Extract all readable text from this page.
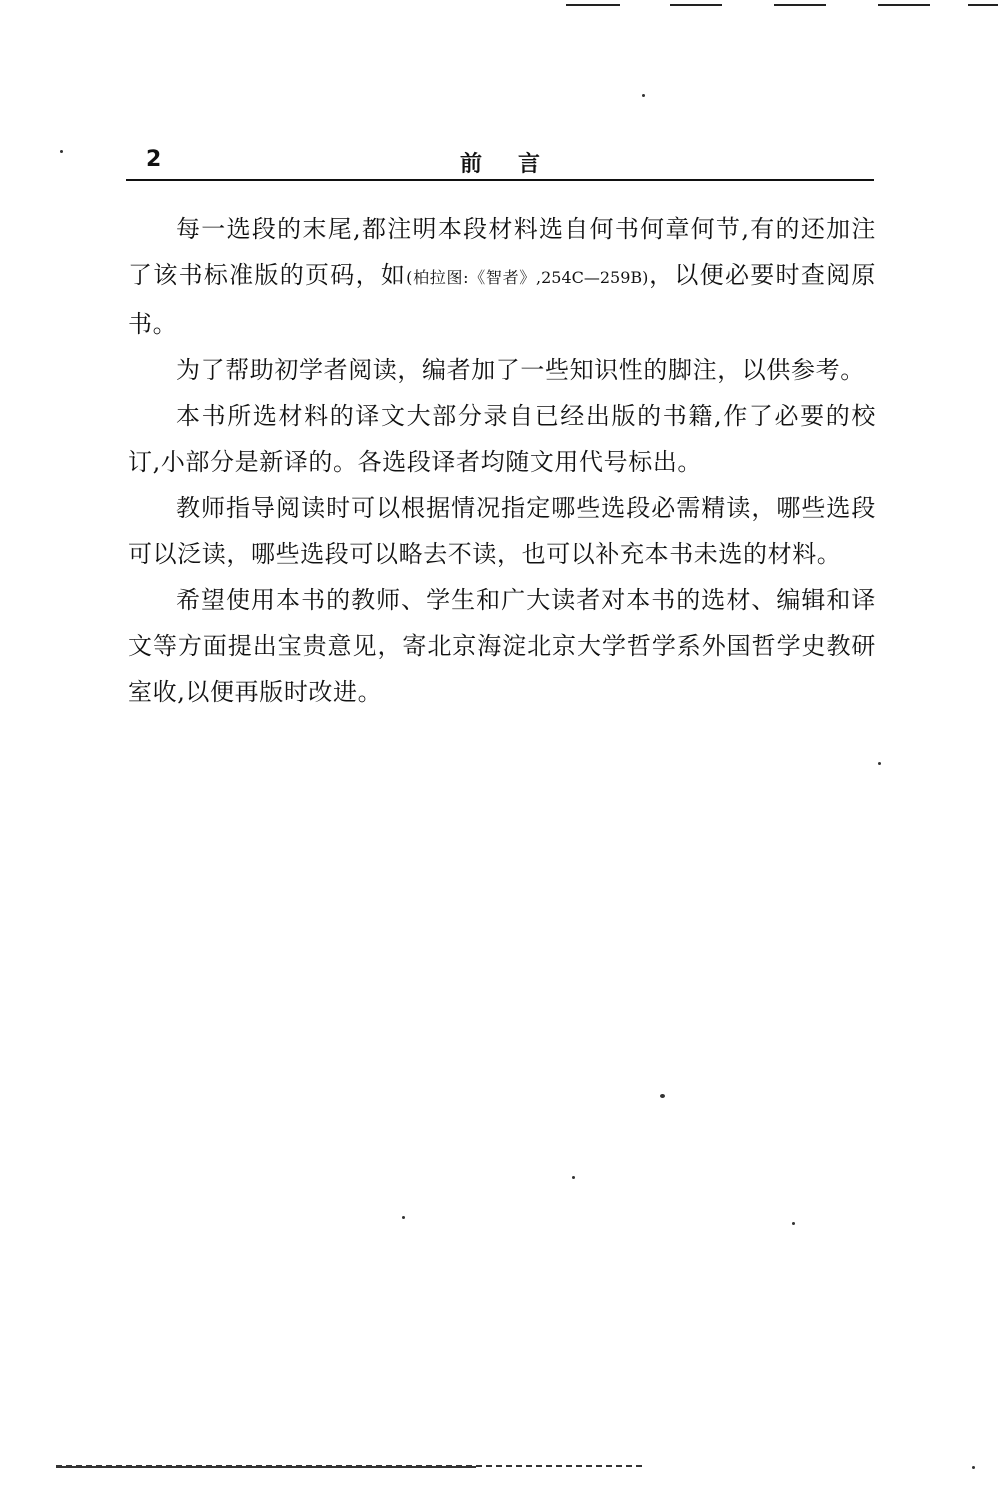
2	前言

每一选段的末尾,都注明本段材料选自何书何章何节,有的还加注了该书标准版的页码，如(柏拉图:《智者》,254C—259B)，以便必要时查阅原书。

为了帮助初学者阅读，编者加了一些知识性的脚注，以供参考。

本书所选材料的译文大部分录自已经出版的书籍,作了必要的校订,小部分是新译的。各选段译者均随文用代号标出。

教师指导阅读时可以根据情况指定哪些选段必需精读，哪些选段可以泛读，哪些选段可以略去不读，也可以补充本书未选的材料。

希望使用本书的教师、学生和广大读者对本书的选材、编辑和译文等方面提出宝贵意见，寄北京海淀北京大学哲学系外国哲学史教研室收,以便再版时改进。
